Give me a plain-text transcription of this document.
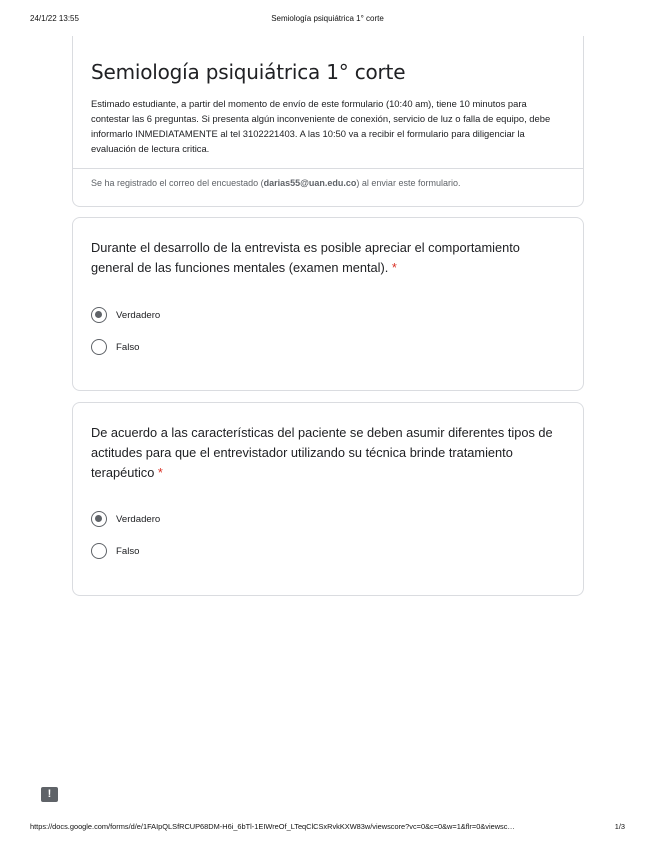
24/1/22 13:55	Semiología psiquiátrica 1° corte
Semiología psiquiátrica 1° corte
Estimado estudiante, a partir del momento de envío de este formulario (10:40 am), tiene 10 minutos para contestar las 6 preguntas. Si presenta algún inconveniente de conexión, servicio de luz o falla de equipo, debe informarlo INMEDIATAMENTE al tel 3102221403. A las 10:50 va a recibir el formulario para diligenciar la evaluación de lectura critica.
Se ha registrado el correo del encuestado (darias55@uan.edu.co) al enviar este formulario.
Durante el desarrollo de la entrevista es posible apreciar el comportamiento general de las funciones mentales (examen mental). *
Verdadero
Falso
De acuerdo a las características del paciente se deben asumir diferentes tipos de actitudes para que el entrevistador utilizando su técnica brinde tratamiento terapéutico *
Verdadero
Falso
!
https://docs.google.com/forms/d/e/1FAIpQLSfRCUP68DM-H6i_6bTl-1EIWreOf_LTeqClCSxRvkKXW83w/viewscore?vc=0&c=0&w=1&flr=0&viewsc…	1/3
